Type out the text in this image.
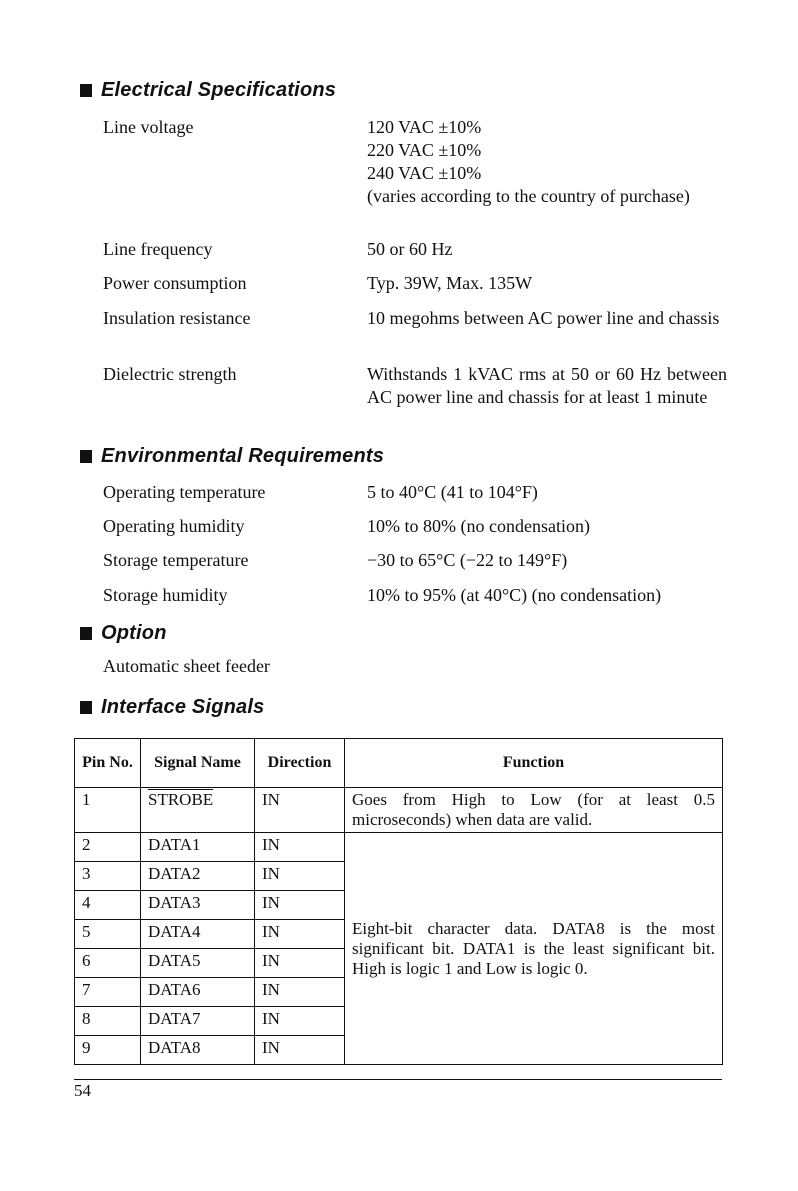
Electrical Specifications
Line voltage	120 VAC ±10%
220 VAC ±10%
240 VAC ±10%
(varies according to the country of purchase)
Line frequency	50 or 60 Hz
Power consumption	Typ. 39W, Max. 135W
Insulation resistance	10 megohms between AC power line and chassis
Dielectric strength	Withstands 1 kVAC rms at 50 or 60 Hz between AC power line and chassis for at least 1 minute
Environmental Requirements
Operating temperature	5 to 40°C (41 to 104°F)
Operating humidity	10% to 80% (no condensation)
Storage temperature	−30 to 65°C (−22 to 149°F)
Storage humidity	10% to 95% (at 40°C) (no condensation)
Option
Automatic sheet feeder
Interface Signals
Pin No.	Signal Name	Direction	Function
1	STROBE	IN	Goes from High to Low (for at least 0.5 microseconds) when data are valid.
2	DATA1	IN	Eight-bit character data. DATA8 is the most significant bit. DATA1 is the least significant bit. High is logic 1 and Low is logic 0.
3	DATA2	IN	
4	DATA3	IN	
5	DATA4	IN	
6	DATA5	IN	
7	DATA6	IN	
8	DATA7	IN	
9	DATA8	IN	
54
